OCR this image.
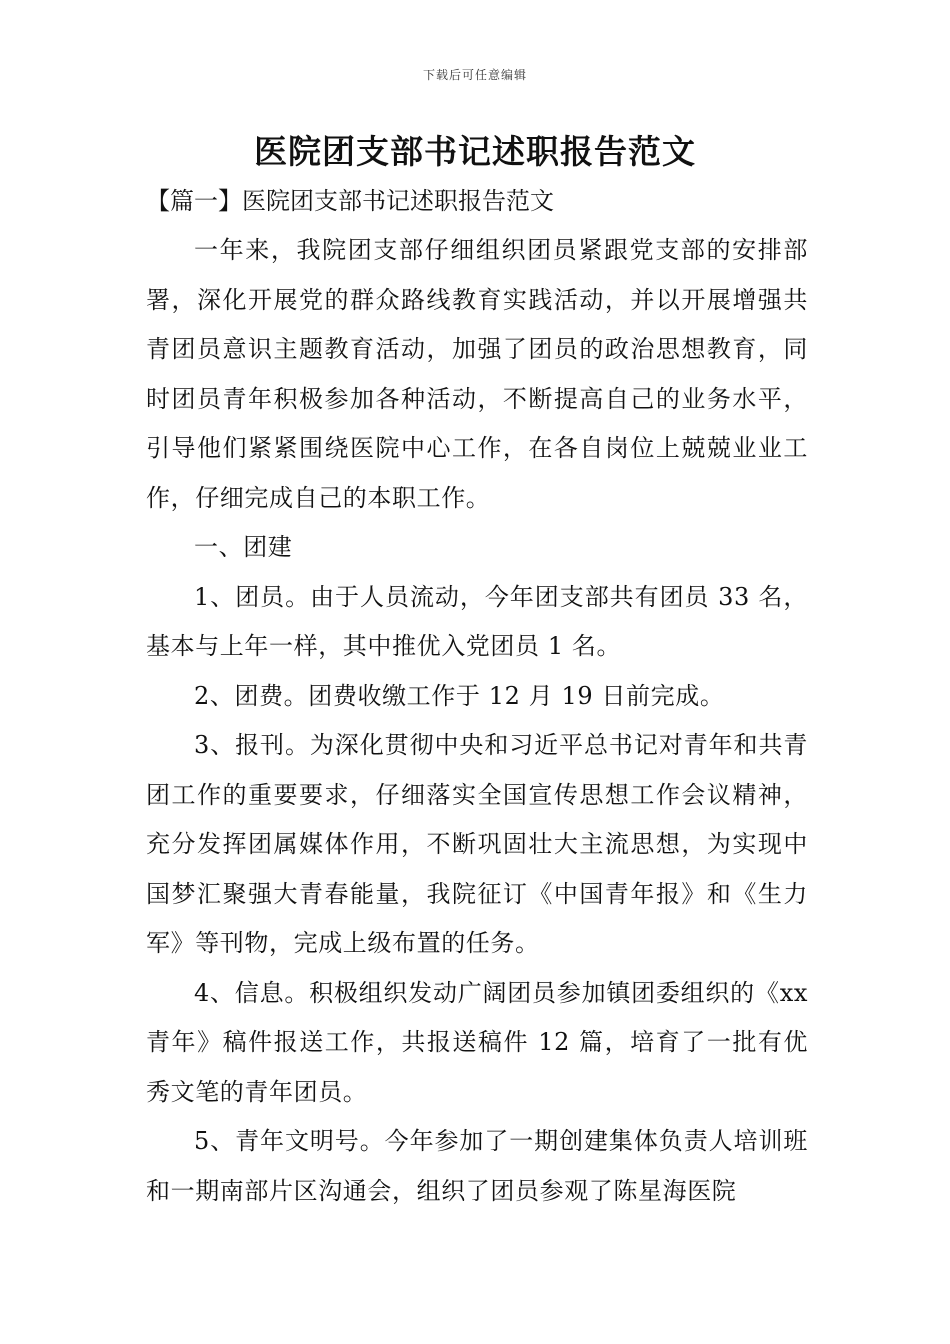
下载后可任意编辑
医院团支部书记述职报告范文
【篇一】医院团支部书记述职报告范文

一年来，我院团支部仔细组织团员紧跟党支部的安排部署，深化开展党的群众路线教育实践活动，并以开展增强共青团员意识主题教育活动，加强了团员的政治思想教育，同时团员青年积极参加各种活动，不断提高自己的业务水平，引导他们紧紧围绕医院中心工作，在各自岗位上兢兢业业工作，仔细完成自己的本职工作。

一、团建

1、团员。由于人员流动，今年团支部共有团员 33 名，基本与上年一样，其中推优入党团员 1 名。

2、团费。团费收缴工作于 12 月 19 日前完成。

3、报刊。为深化贯彻中央和习近平总书记对青年和共青团工作的重要要求，仔细落实全国宣传思想工作会议精神，充分发挥团属媒体作用，不断巩固壮大主流思想，为实现中国梦汇聚强大青春能量，我院征订《中国青年报》和《生力军》等刊物，完成上级布置的任务。

4、信息。积极组织发动广阔团员参加镇团委组织的《xx 青年》稿件报送工作，共报送稿件 12 篇，培育了一批有优秀文笔的青年团员。

5、青年文明号。今年参加了一期创建集体负责人培训班和一期南部片区沟通会，组织了团员参观了陈星海医院
